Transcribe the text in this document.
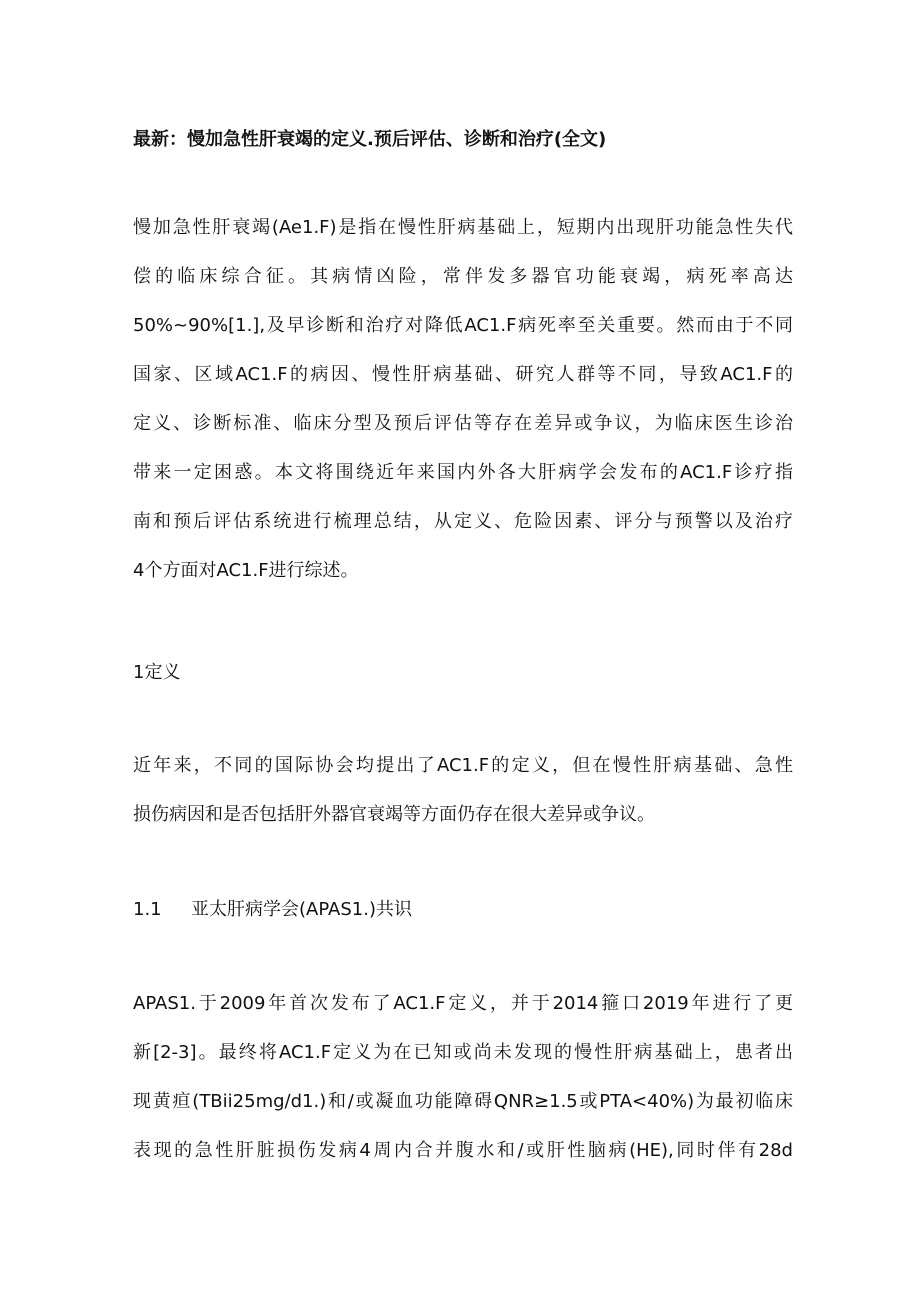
最新：慢加急性肝衰竭的定义.预后评估、诊断和治疗(全文)
慢加急性肝衰竭(Ae1.F)是指在慢性肝病基础上，短期内出现肝功能急性失代
偿的临床综合征。其病情凶险，常伴发多器官功能衰竭，病死率高达
50%~90%[1.],及早诊断和治疗对降低AC1.F病死率至关重要。然而由于不同
国家、区域AC1.F的病因、慢性肝病基础、研究人群等不同，导致AC1.F的
定义、诊断标准、临床分型及预后评估等存在差异或争议，为临床医生诊治
带来一定困惑。本文将围绕近年来国内外各大肝病学会发布的AC1.F诊疗指
南和预后评估系统进行梳理总结，从定义、危险因素、评分与预警以及治疗
4个方面对AC1.F进行综述。
1定义
近年来，不同的国际协会均提出了AC1.F的定义，但在慢性肝病基础、急性
损伤病因和是否包括肝外器官衰竭等方面仍存在很大差异或争议。
1.1 亚太肝病学会(APAS1.)共识
APAS1.于2009年首次发布了AC1.F定义，并于2014箍口2019年进行了更
新[2-3]。最终将AC1.F定义为在已知或尚未发现的慢性肝病基础上，患者出
现黄疸(TBii25mg∕d1.)和/或凝血功能障碍QNR≥1.5或PTA<40%)为最初临床
表现的急性肝脏损伤发病4周内合并腹水和/或肝性脑病(HE),同时伴有28d
